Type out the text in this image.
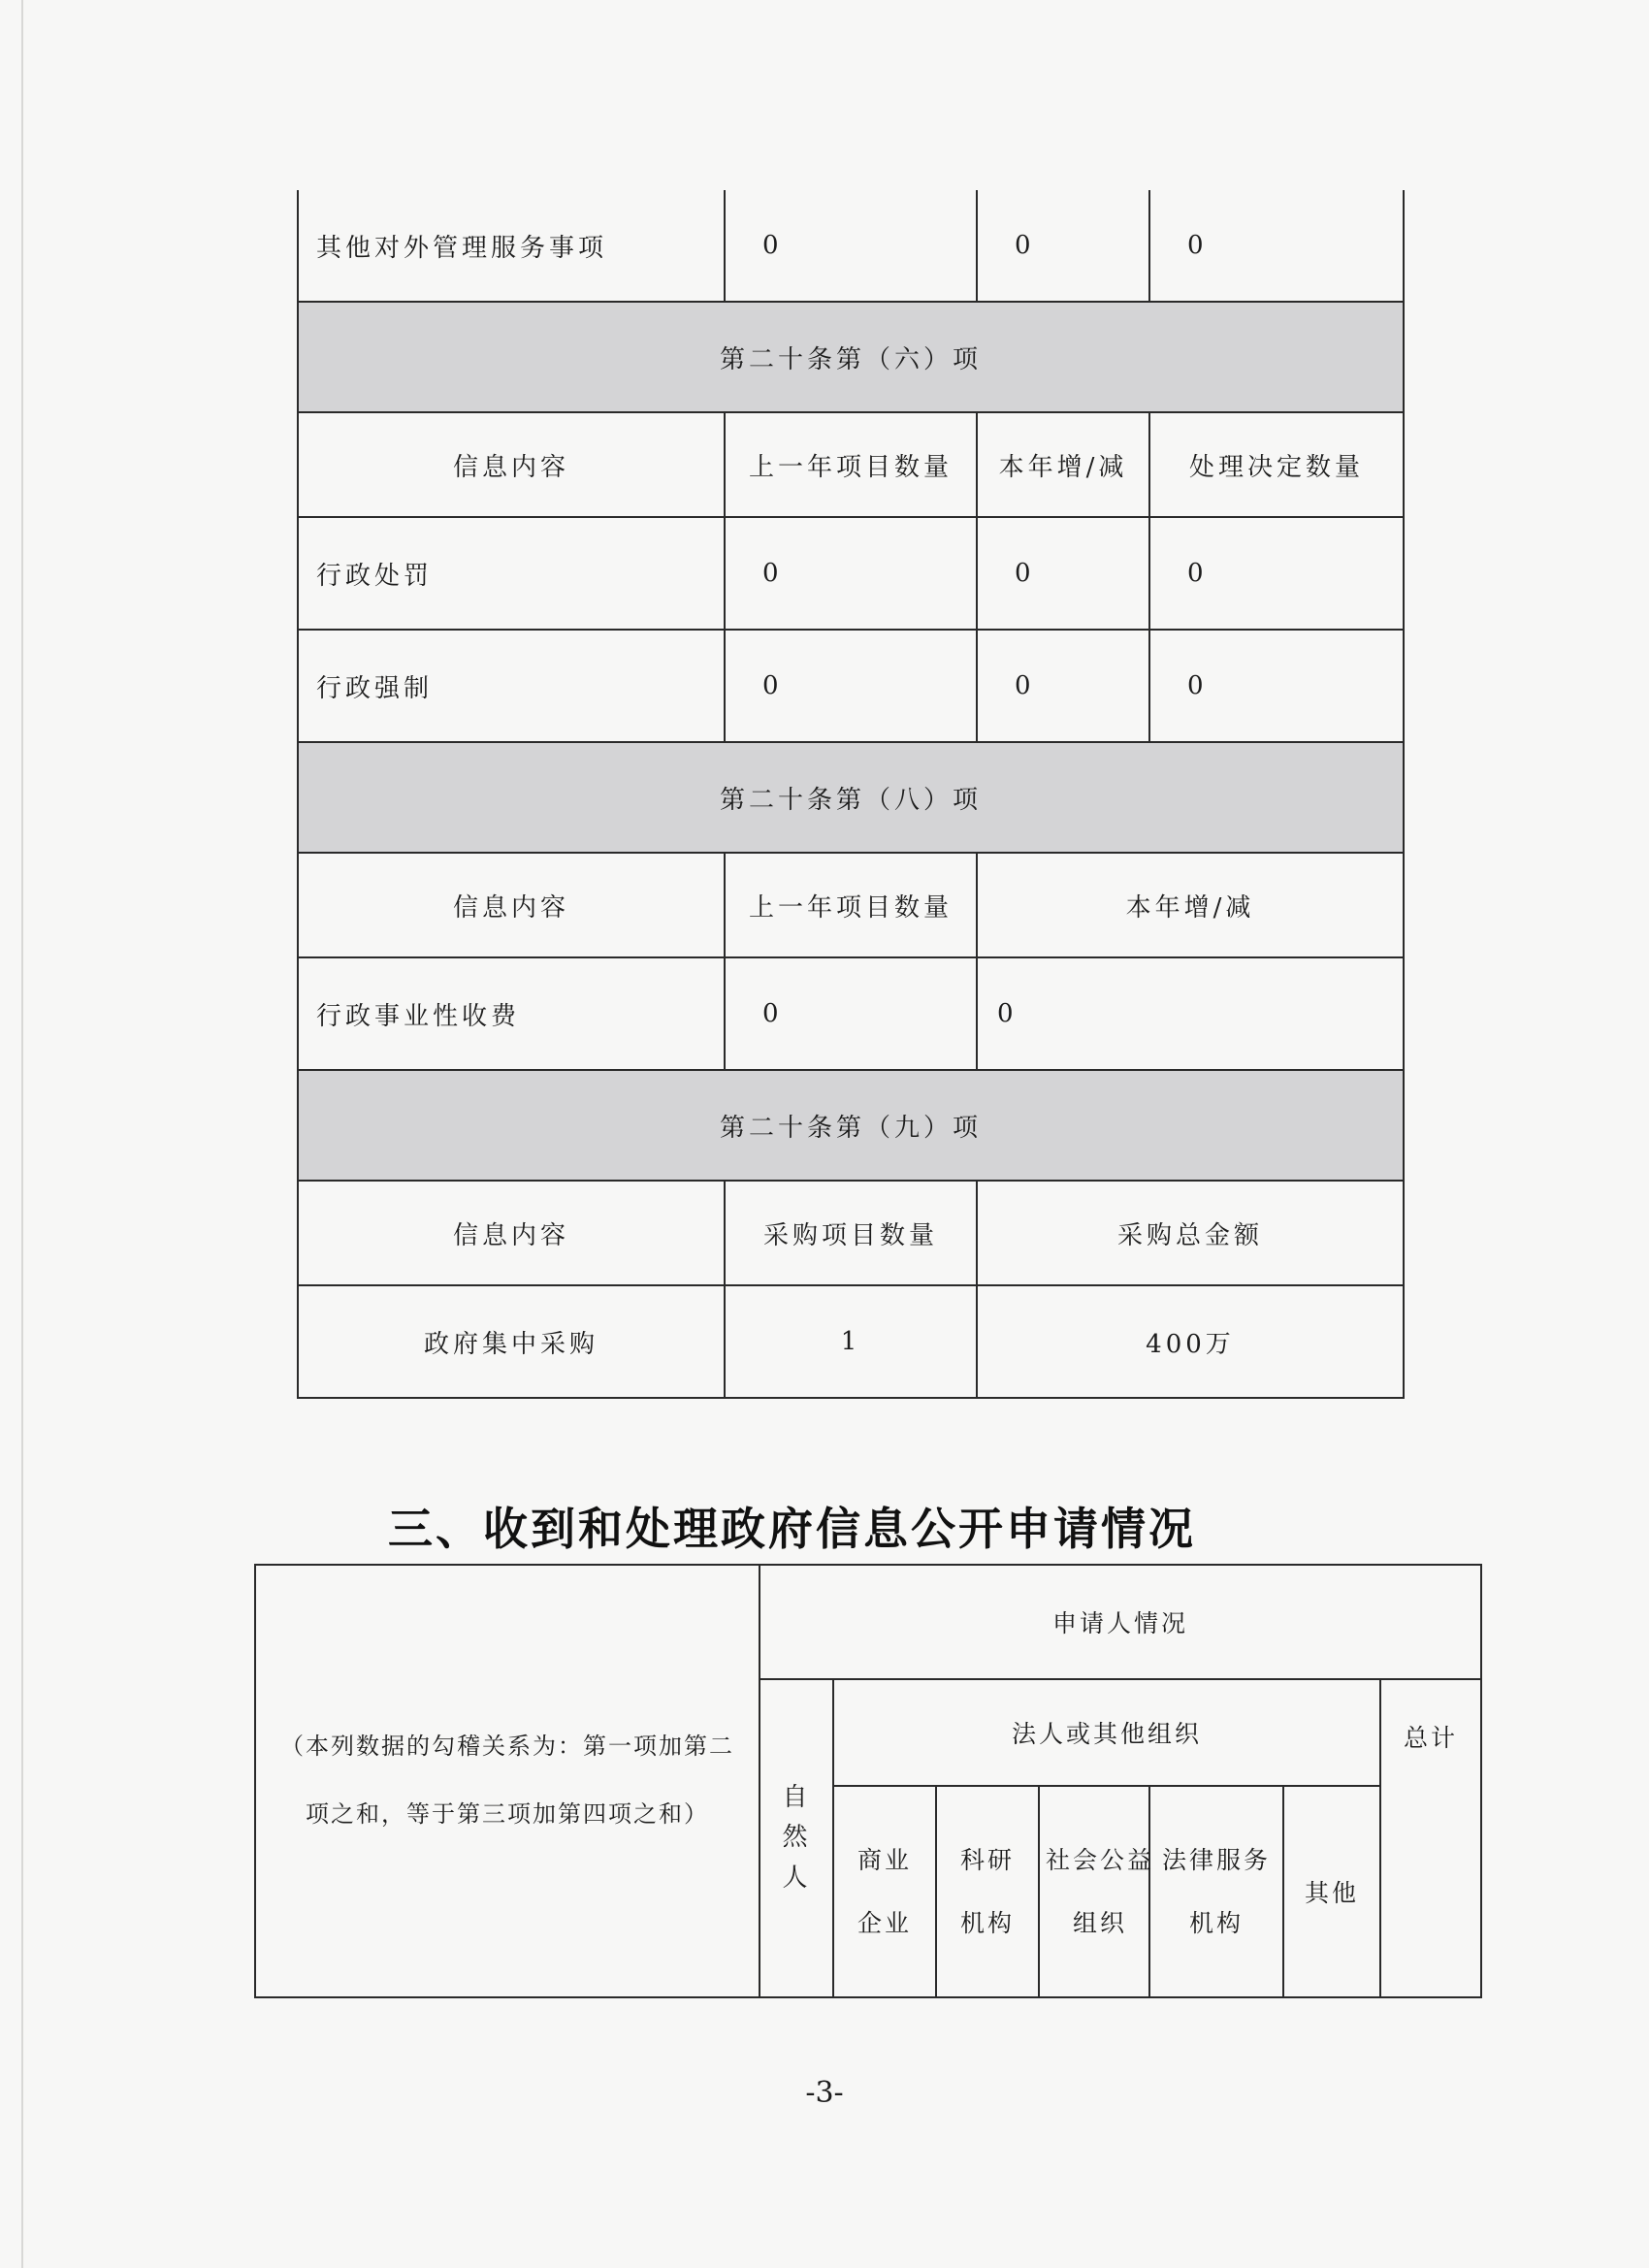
其他对外管理服务事项	0	0	0
第二十条第（六）项			
信息内容	上一年项目数量	本年增/减	处理决定数量
行政处罚	0	0	0
行政强制	0	0	0
第二十条第（八）项			
信息内容	上一年项目数量	本年增/减	
行政事业性收费	0	0	
第二十条第（九）项			
信息内容	采购项目数量	采购总金额	
政府集中采购	1	400万	
三、收到和处理政府信息公开申请情况
（本列数据的勾稽关系为：第一项加第二项之和，等于第三项加第四项之和）	申请人情况						
	自然人	法人或其他组织					总计
		商业企业	科研机构	社会公益组织	法律服务机构	其他	
-3-
